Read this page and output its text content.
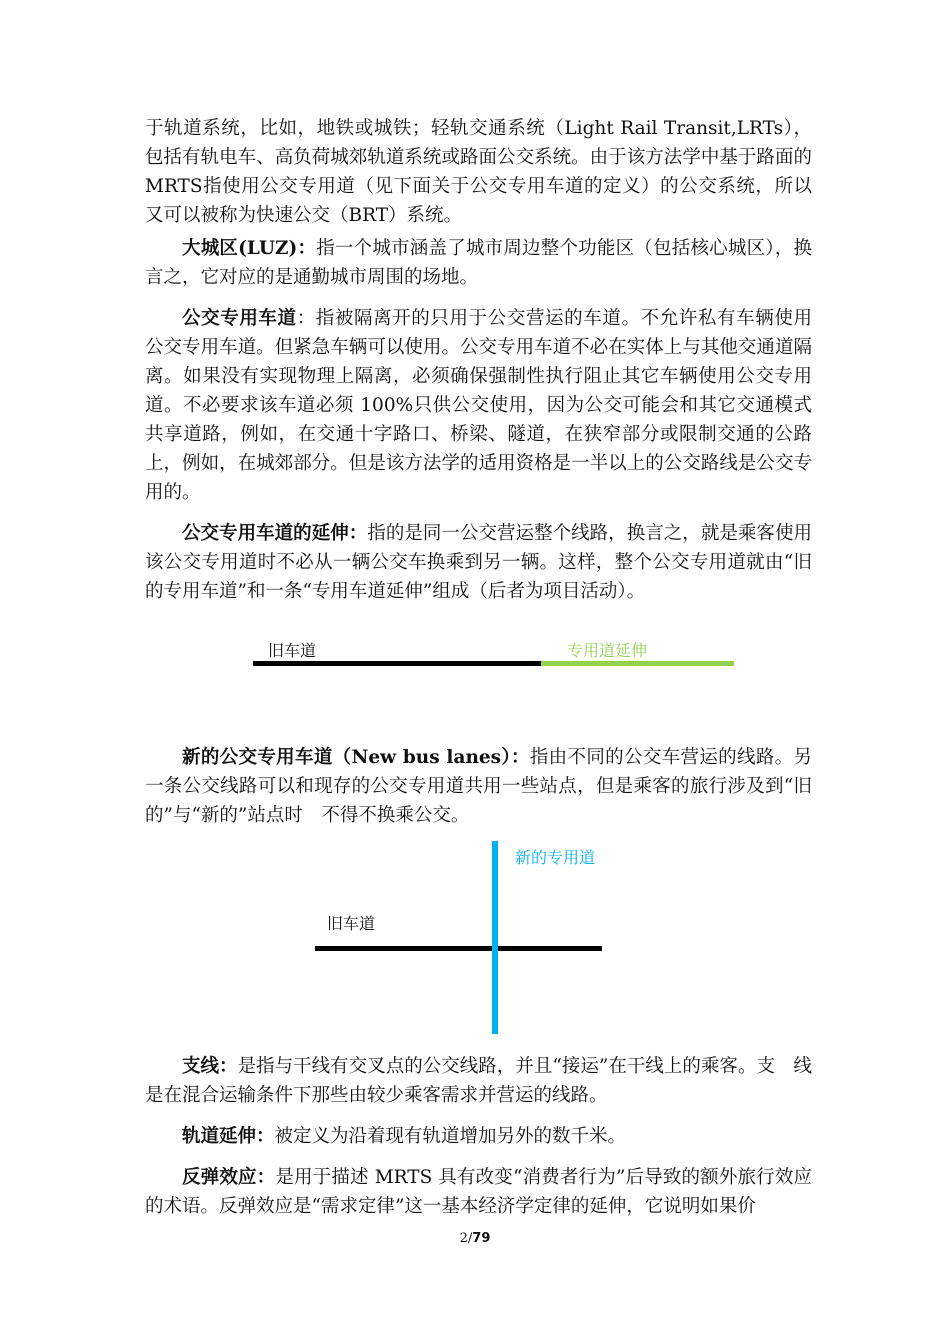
于轨道系统，比如，地铁或城铁；轻轨交通系统（Light Rail Transit,LRTs），包括有轨电车、高负荷城郊轨道系统或路面公交系统。由于该方法学中基于路面的MRTS指使用公交专用道（见下面关于公交专用车道的定义）的公交系统，所以又可以被称为快速公交（BRT）系统。

大城区(LUZ)：指一个城市涵盖了城市周边整个功能区（包括核心城区），换言之，它对应的是通勤城市周围的场地。

公交专用车道：指被隔离开的只用于公交营运的车道。不允许私有车辆使用　公交专用车道。但紧急车辆可以使用。公交专用车道不必在实体上与其他交通道隔离。如果没有实现物理上隔离，必须确保强制性执行阻止其它车辆使用公交专用道。不必要求该车道必须 100%只供公交使用，因为公交可能会和其它交通模式共享道路，例如，在交通十字路口、桥梁、隧道，在狭窄部分或限制交通的公路上，例如，在城郊部分。但是该方法学的适用资格是一半以上的公交路线是公交专用的。

公交专用车道的延伸：指的是同一公交营运整个线路，换言之，就是乘客使用该公交专用道时不必从一辆公交车换乘到另一辆。这样，整个公交专用道就由“旧的专用车道”和一条“专用车道延伸”组成（后者为项目活动）。

旧车道	专用道延伸

新的公交专用车道（New bus lanes）：指由不同的公交车营运的线路。另一条公交线路可以和现存的公交专用道共用一些站点，但是乘客的旅行涉及到“旧的”与“新的”站点时　不得不换乘公交。

新的专用道
旧车道

支线：是指与干线有交叉点的公交线路，并且“接运”在干线上的乘客。支　线是在混合运输条件下那些由较少乘客需求并营运的线路。

轨道延伸：被定义为沿着现有轨道增加另外的数千米。

反弹效应：是用于描述 MRTS 具有改变“消费者行为”后导致的额外旅行效应的术语。反弹效应是“需求定律”这一基本经济学定律的延伸，它说明如果价

2/79
